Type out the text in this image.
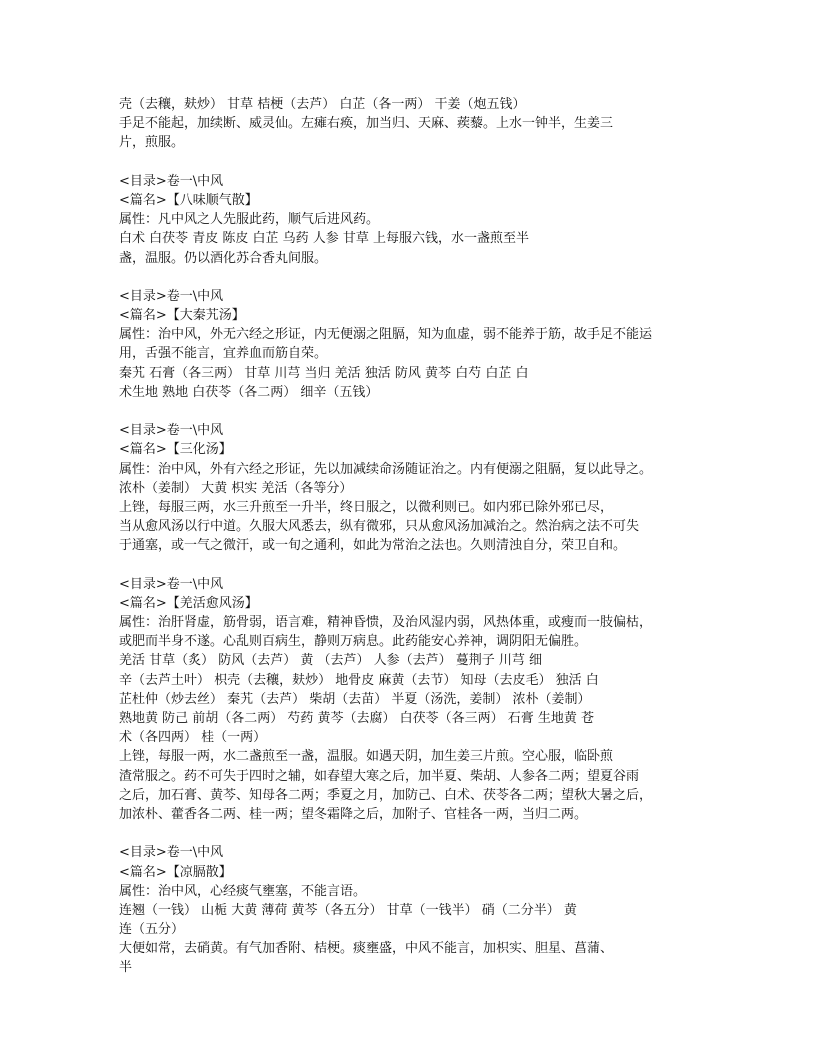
壳（去穰，麸炒） 甘草 桔梗（去芦） 白芷（各一两） 干姜（炮五钱）
手足不能起，加续断、威灵仙。左瘫右痪，加当归、天麻、蒺藜。上水一钟半，生姜三
片，煎服。
<目录>卷一\中风
<篇名>【八味顺气散】
属性：凡中风之人先服此药，顺气后进风药。
白术 白茯苓 青皮 陈皮 白芷 乌药 人参 甘草 上每服六钱，水一盏煎至半
盏，温服。仍以酒化苏合香丸间服。
<目录>卷一\中风
<篇名>【大秦艽汤】
属性：治中风，外无六经之形证，内无便溺之阻膈，知为血虚，弱不能养于筋，故手足不能运
用，舌强不能言，宜养血而筋自荣。
秦艽 石膏（各三两） 甘草 川芎 当归 羌活 独活 防风 黄芩 白芍 白芷 白
术生地 熟地 白茯苓（各二两） 细辛（五钱）
<目录>卷一\中风
<篇名>【三化汤】
属性：治中风，外有六经之形证，先以加减续命汤随证治之。内有便溺之阻膈，复以此导之。
浓朴（姜制） 大黄 枳实 羌活（各等分）
上锉，每服三两，水三升煎至一升半，终日服之，以微利则已。如内邪已除外邪已尽，
当从愈风汤以行中道。久服大风悉去，纵有微邪，只从愈风汤加减治之。然治病之法不可失
于通塞，或一气之微汗，或一旬之通利，如此为常治之法也。久则清浊自分，荣卫自和。
<目录>卷一\中风
<篇名>【羌活愈风汤】
属性：治肝肾虚，筋骨弱，语言难，精神昏愦，及治风湿内弱，风热体重，或瘦而一肢偏枯，
或肥而半身不遂。心乱则百病生，静则万病息。此药能安心养神，调阴阳无偏胜。
羌活 甘草（炙） 防风（去芦） 黄 （去芦） 人参（去芦） 蔓荆子 川芎 细
辛（去芦土叶） 枳壳（去穰，麸炒） 地骨皮 麻黄（去节） 知母（去皮毛） 独活 白
芷杜仲（炒去丝） 秦艽（去芦） 柴胡（去苗） 半夏（汤洗，姜制） 浓朴（姜制）
熟地黄 防己 前胡（各二两） 芍药 黄芩（去腐） 白茯苓（各三两） 石膏 生地黄 苍
术（各四两） 桂（一两）
上锉，每服一两，水二盏煎至一盏，温服。如遇天阴，加生姜三片煎。空心服，临卧煎
渣常服之。药不可失于四时之辅，如春望大寒之后，加半夏、柴胡、人参各二两；望夏谷雨
之后，加石膏、黄芩、知母各二两；季夏之月，加防己、白术、茯苓各二两；望秋大暑之后，
加浓朴、藿香各二两、桂一两；望冬霜降之后，加附子、官桂各一两，当归二两。
<目录>卷一\中风
<篇名>【凉膈散】
属性：治中风，心经痰气壅塞，不能言语。
连翘（一钱） 山栀 大黄 薄荷 黄芩（各五分） 甘草（一钱半） 硝（二分半） 黄
连（五分）
大便如常，去硝黄。有气加香附、桔梗。痰壅盛，中风不能言，加枳实、胆星、菖蒲、
半
